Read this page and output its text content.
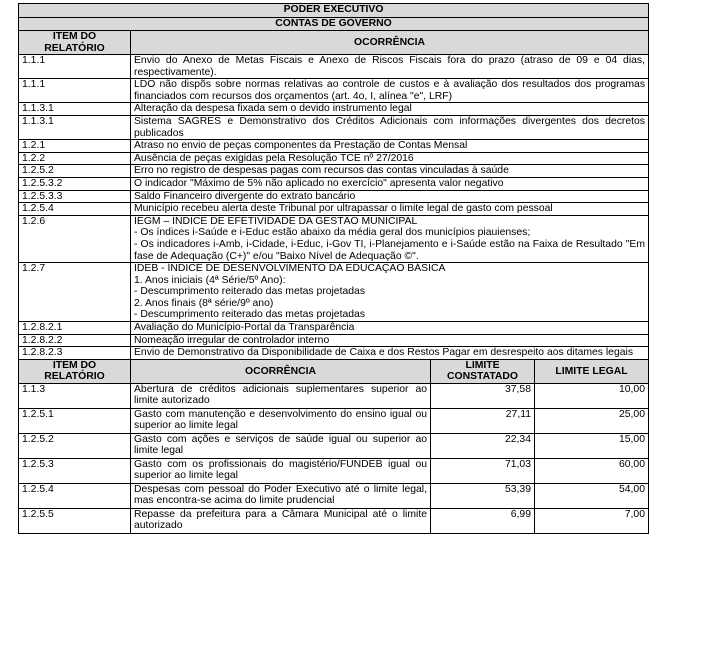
PODER EXECUTIVO	
CONTAS DE GOVERNO	
ITEM DO RELATÓRIO	OCORRÊNCIA
1.1.1	Envio do Anexo de Metas Fiscais e Anexo de Riscos Fiscais fora do prazo (atraso de 09 e 04 dias, respectivamente).
1.1.1	LDO não dispõs sobre normas relativas ao controle de custos e à avaliação dos resultados dos programas financiados com recursos dos orçamentos (art. 4o, I, alínea "e", LRF)
1.1.3.1	Alteração da despesa fixada sem o devido instrumento legal
1.1.3.1	Sistema SAGRES e Demonstrativo dos Créditos Adicionais com informações divergentes dos decretos publicados
1.2.1	Atraso no envio de peças componentes da Prestação de Contas Mensal
1.2.2	Ausência de peças exigidas pela Resolução TCE nº 27/2016
1.2.5.2	Erro no registro de despesas pagas com recursos das contas vinculadas à saúde
1.2.5.3.2	O indicador "Máximo de 5% não aplicado no exercício" apresenta valor negativo
1.2.5.3.3	Saldo Financeiro divergente do extrato bancário
1.2.5.4	Município recebeu alerta deste Tribunal por ultrapassar o limite legal de gasto com pessoal
1.2.6	IEGM – ÍNDICE DE EFETIVIDADE DA GESTÃO MUNICIPAL
- Os índices i-Saúde e i-Educ estão abaixo da média geral dos municípios piauienses;
- Os indicadores i-Amb, i-Cidade, i-Educ, i-Gov TI, i-Planejamento e i-Saúde estão na Faixa de Resultado "Em fase de Adequação (C+)" e/ou "Baixo Nível de Adequação ©".

1.2.7	IDEB - ÍNDICE DE DESENVOLVIMENTO DA EDUCAÇÃO BÁSICA
1. Anos iniciais (4ª Série/5º Ano):
- Descumprimento reiterado das metas projetadas
2. Anos finais (8ª série/9º ano)
- Descumprimento reiterado das metas projetadas

1.2.8.2.1	Avaliação do Município-Portal da Transparência
1.2.8.2.2	Nomeação irregular de controlador interno
1.2.8.2.3	Envio de Demonstrativo da Disponibilidade de Caixa e dos Restos Pagar em desrespeito aos ditames legais
ITEM DO RELATÓRIO	OCORRÊNCIA	LIMITE CONSTATADO	LIMITE LEGAL
1.1.3	Abertura de créditos adicionais suplementares superior ao limite autorizado	37,58	10,00
1.2.5.1	Gasto com manutenção e desenvolvimento do ensino igual ou superior ao limite legal	27,11	25,00
1.2.5.2	Gasto com ações e serviços de saúde igual ou superior ao limite legal	22,34	15,00
1.2.5.3	Gasto com os profissionais do magistério/FUNDEB igual ou superior ao limite legal	71,03	60,00
1.2.5.4	Despesas com pessoal do Poder Executivo até o limite legal, mas encontra-se acima do limite prudencial	53,39	54,00
1.2.5.5	Repasse da prefeitura para a Câmara Municipal até o limite autorizado	6,99	7,00
